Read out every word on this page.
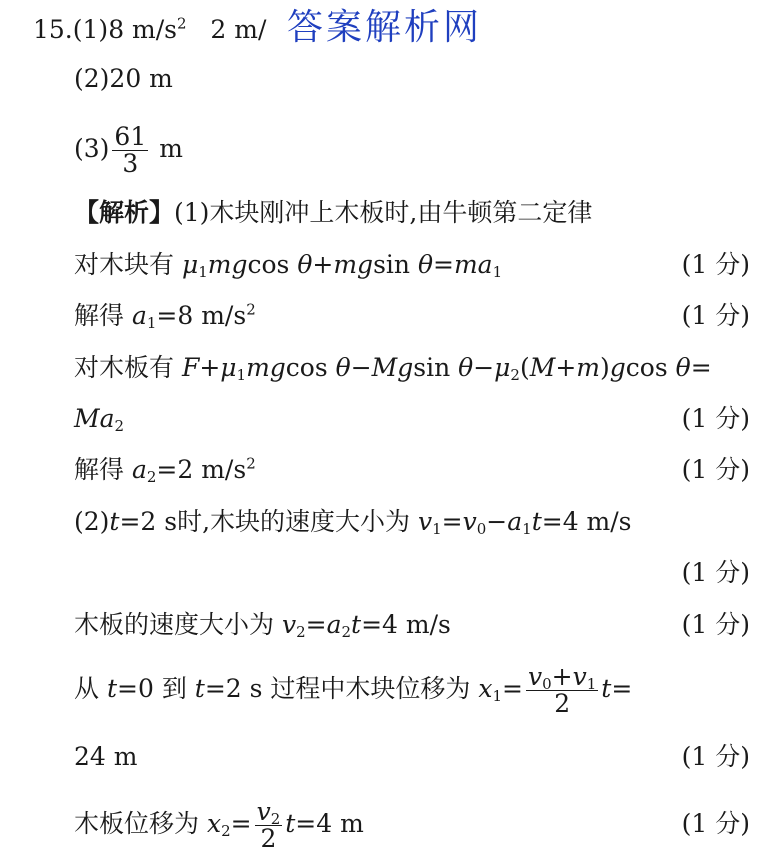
15.(1)8 $m/s^2$ 2 m/ 答案解析网
(2)20 m
$(3) \frac{61}{3}$ m
【解析】(1)木块刚冲上木板时,由牛顿第二定律
对木块有 $\mu_1mgcos$ θ+mgsin $\theta=ma_1$	(1 分)
解得 $a_1=8$ $m/s^2$	(1 分)
对木板有 $F+\mu_1mgcos$ θ−Mgsin $\theta-\mu_2(M+m)gcos$ θ=
$Ma_2$	(1 分)
解得 $a_2=2$ $m/s^2$	(1 分)
(2)t=2 s时,木块的速度大小为 $v_1=v_0-a_1t=4$ m/s
(1 分)
木板的速度大小为 $v_2=a_2t=4$ m/s	(1 分)
从 t=0 到 t=2 s 过程中木块位移为 $x_1= \frac{v_0+v_1}{2} t=$
24 m	(1 分)
木板位移为 $x_2= \frac{v_2}{2} t=4$ m	(1 分)
